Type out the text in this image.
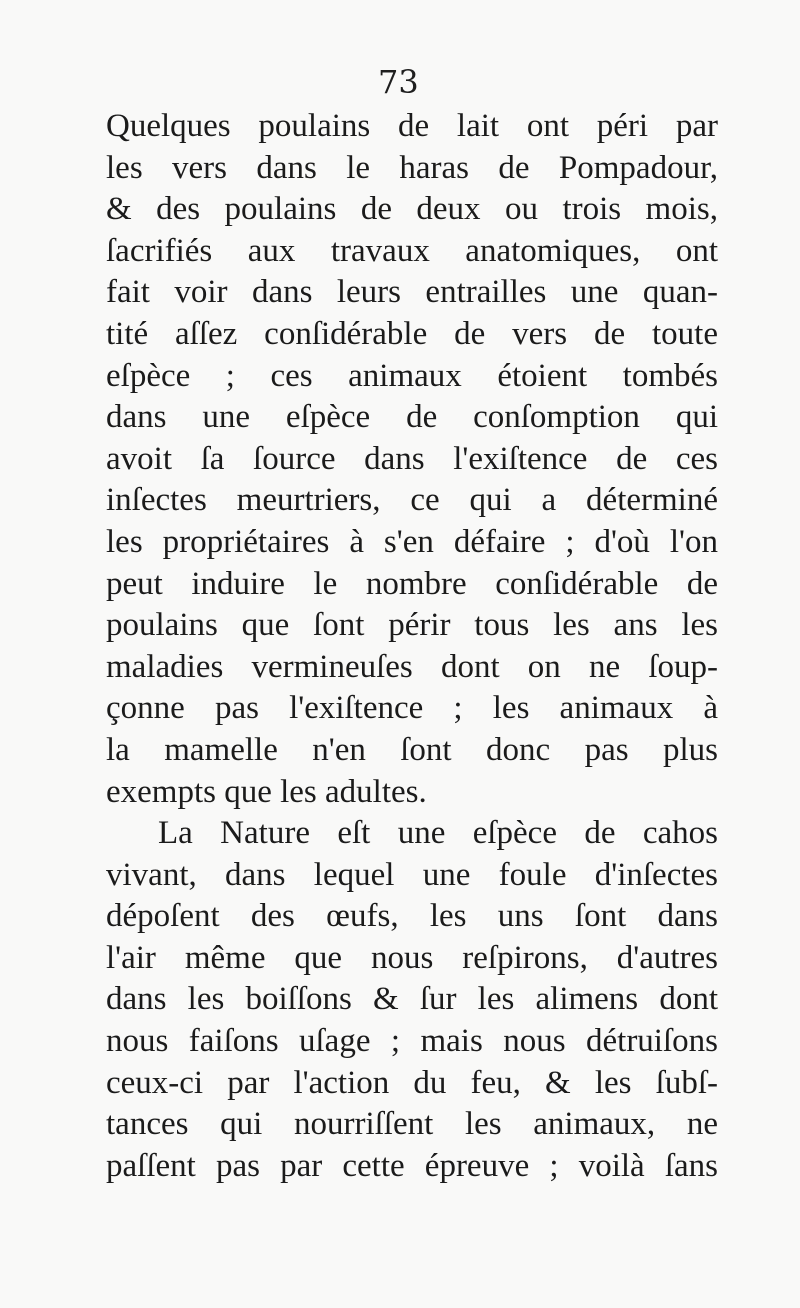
73
Quelques poulains de lait ont péri par
les vers dans le haras de Pompadour,
& des poulains de deux ou trois mois,
ſacrifiés aux travaux anatomiques, ont
fait voir dans leurs entrailles une quan-
tité aſſez conſidérable de vers de toute
eſpèce ; ces animaux étoient tombés
dans une eſpèce de conſomption qui
avoit ſa ſource dans l'exiſtence de ces
inſectes meurtriers, ce qui a déterminé
les propriétaires à s'en défaire ; d'où l'on
peut induire le nombre conſidérable de
poulains que ſont périr tous les ans les
maladies vermineuſes dont on ne ſoup-
çonne pas l'exiſtence ; les animaux à
la mamelle n'en ſont donc pas plus
exempts que les adultes.
La Nature eſt une eſpèce de cahos
vivant, dans lequel une foule d'inſectes
dépoſent des œufs, les uns ſont dans
l'air même que nous reſpirons, d'autres
dans les boiſſons & ſur les alimens dont
nous faiſons uſage ; mais nous détruiſons
ceux-ci par l'action du feu, & les ſubſ-
tances qui nourriſſent les animaux, ne
paſſent pas par cette épreuve ; voilà ſans
